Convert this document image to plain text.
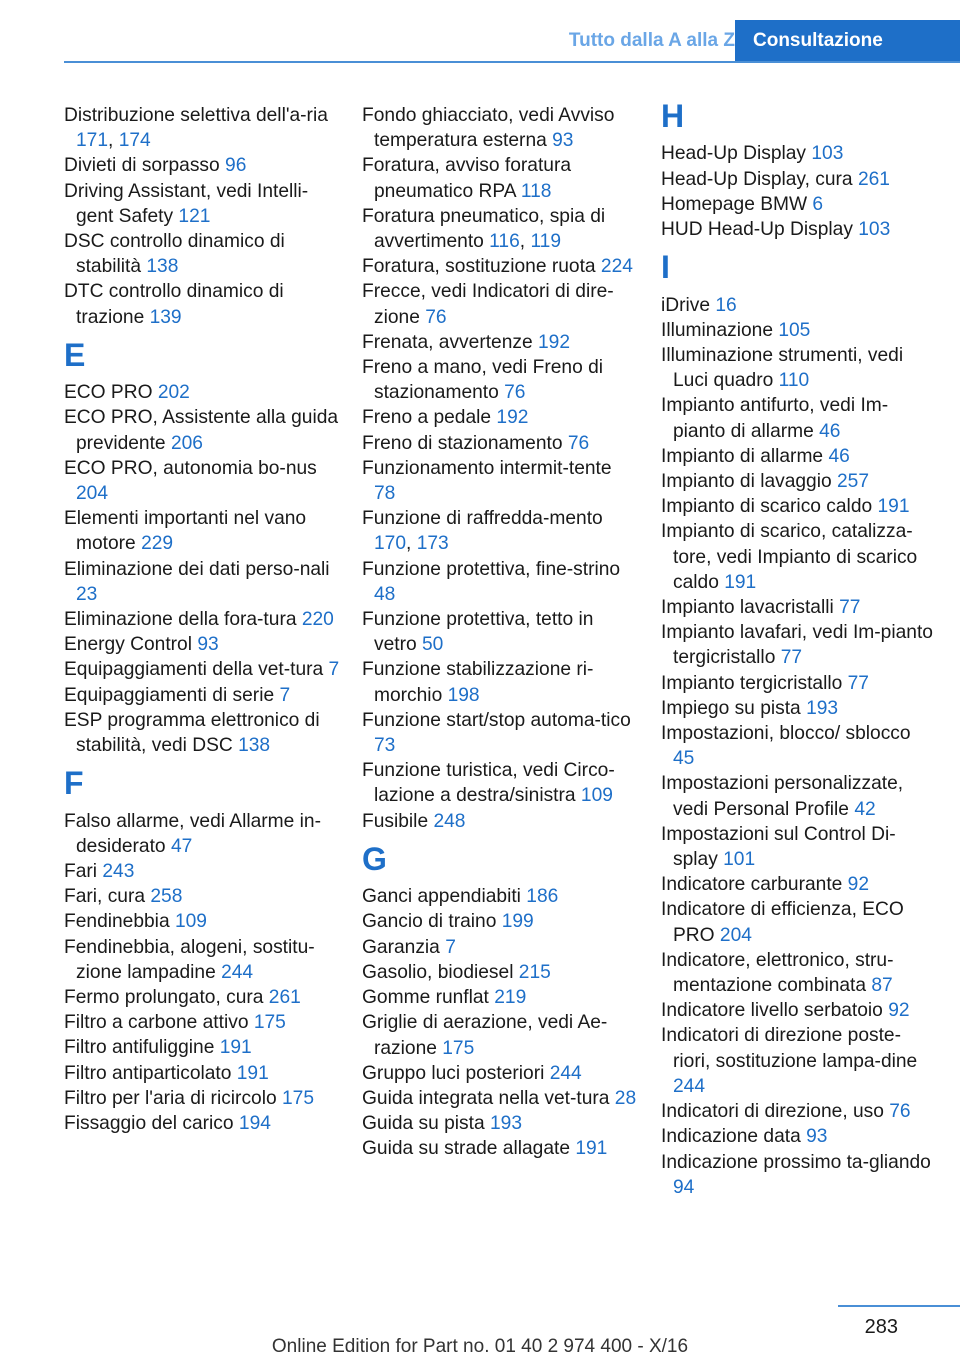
Tutto dalla A alla Z Consultazione
Distribuzione selettiva dell'a-ria 171, 174
Divieti di sorpasso 96
Driving Assistant, vedi Intelli-gent Safety 121
DSC controllo dinamico di stabilità 138
DTC controllo dinamico di trazione 139
E
ECO PRO 202
ECO PRO, Assistente alla guida previdente 206
ECO PRO, autonomia bo-nus 204
Elementi importanti nel vano motore 229
Eliminazione dei dati perso-nali 23
Eliminazione della fora-tura 220
Energy Control 93
Equipaggiamenti della vet-tura 7
Equipaggiamenti di serie 7
ESP programma elettronico di stabilità, vedi DSC 138
F
Falso allarme, vedi Allarme in-desiderato 47
Fari 243
Fari, cura 258
Fendinebbia 109
Fendinebbia, alogeni, sostitu-zione lampadine 244
Fermo prolungato, cura 261
Filtro a carbone attivo 175
Filtro antifuliggine 191
Filtro antiparticolato 191
Filtro per l'aria di ricircolo 175
Fissaggio del carico 194
Fondo ghiacciato, vedi Avviso temperatura esterna 93
Foratura, avviso foratura pneumatico RPA 118
Foratura pneumatico, spia di avvertimento 116, 119
Foratura, sostituzione ruota 224
Frecce, vedi Indicatori di dire-zione 76
Frenata, avvertenze 192
Freno a mano, vedi Freno di stazionamento 76
Freno a pedale 192
Freno di stazionamento 76
Funzionamento intermit-tente 78
Funzione di raffredda-mento 170, 173
Funzione protettiva, fine-strino 48
Funzione protettiva, tetto in vetro 50
Funzione stabilizzazione ri-morchio 198
Funzione start/stop automa-tico 73
Funzione turistica, vedi Circo-lazione a destra/sinistra 109
Fusibile 248
G
Ganci appendiabiti 186
Gancio di traino 199
Garanzia 7
Gasolio, biodiesel 215
Gomme runflat 219
Griglie di aerazione, vedi Ae-razione 175
Gruppo luci posteriori 244
Guida integrata nella vet-tura 28
Guida su pista 193
Guida su strade allagate 191
H
Head-Up Display 103
Head-Up Display, cura 261
Homepage BMW 6
HUD Head-Up Display 103
I
iDrive 16
Illuminazione 105
Illuminazione strumenti, vedi Luci quadro 110
Impianto antifurto, vedi Im-pianto di allarme 46
Impianto di allarme 46
Impianto di lavaggio 257
Impianto di scarico caldo 191
Impianto di scarico, catalizza-tore, vedi Impianto di scarico caldo 191
Impianto lavacristalli 77
Impianto lavafari, vedi Im-pianto tergicristallo 77
Impianto tergicristallo 77
Impiego su pista 193
Impostazioni, blocco/ sblocco 45
Impostazioni personalizzate, vedi Personal Profile 42
Impostazioni sul Control Di-splay 101
Indicatore carburante 92
Indicatore di efficienza, ECO PRO 204
Indicatore, elettronico, stru-mentazione combinata 87
Indicatore livello serbatoio 92
Indicatori di direzione poste-riori, sostituzione lampa-dine 244
Indicatori di direzione, uso 76
Indicazione data 93
Indicazione prossimo ta-gliando 94
283
Online Edition for Part no. 01 40 2 974 400 - X/16
